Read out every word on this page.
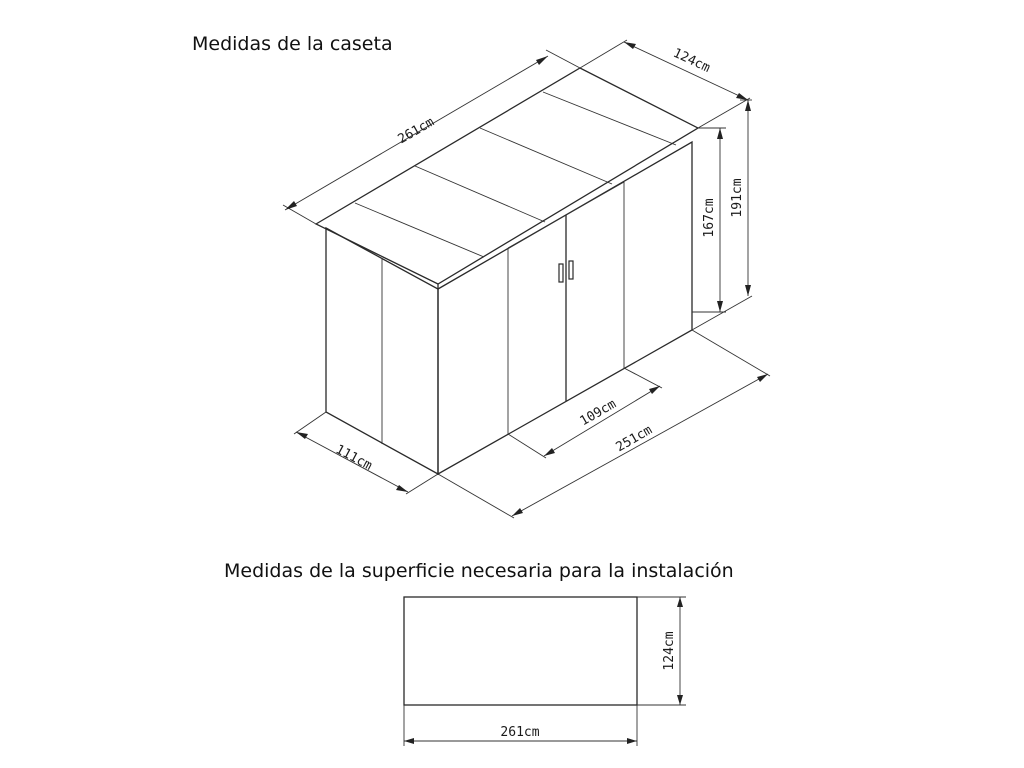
Medidas de la caseta
Medidas de la superficie necesaria para la instalación
261cm
124cm
167cm
191cm
109cm
251cm
111cm
124cm
261cm
